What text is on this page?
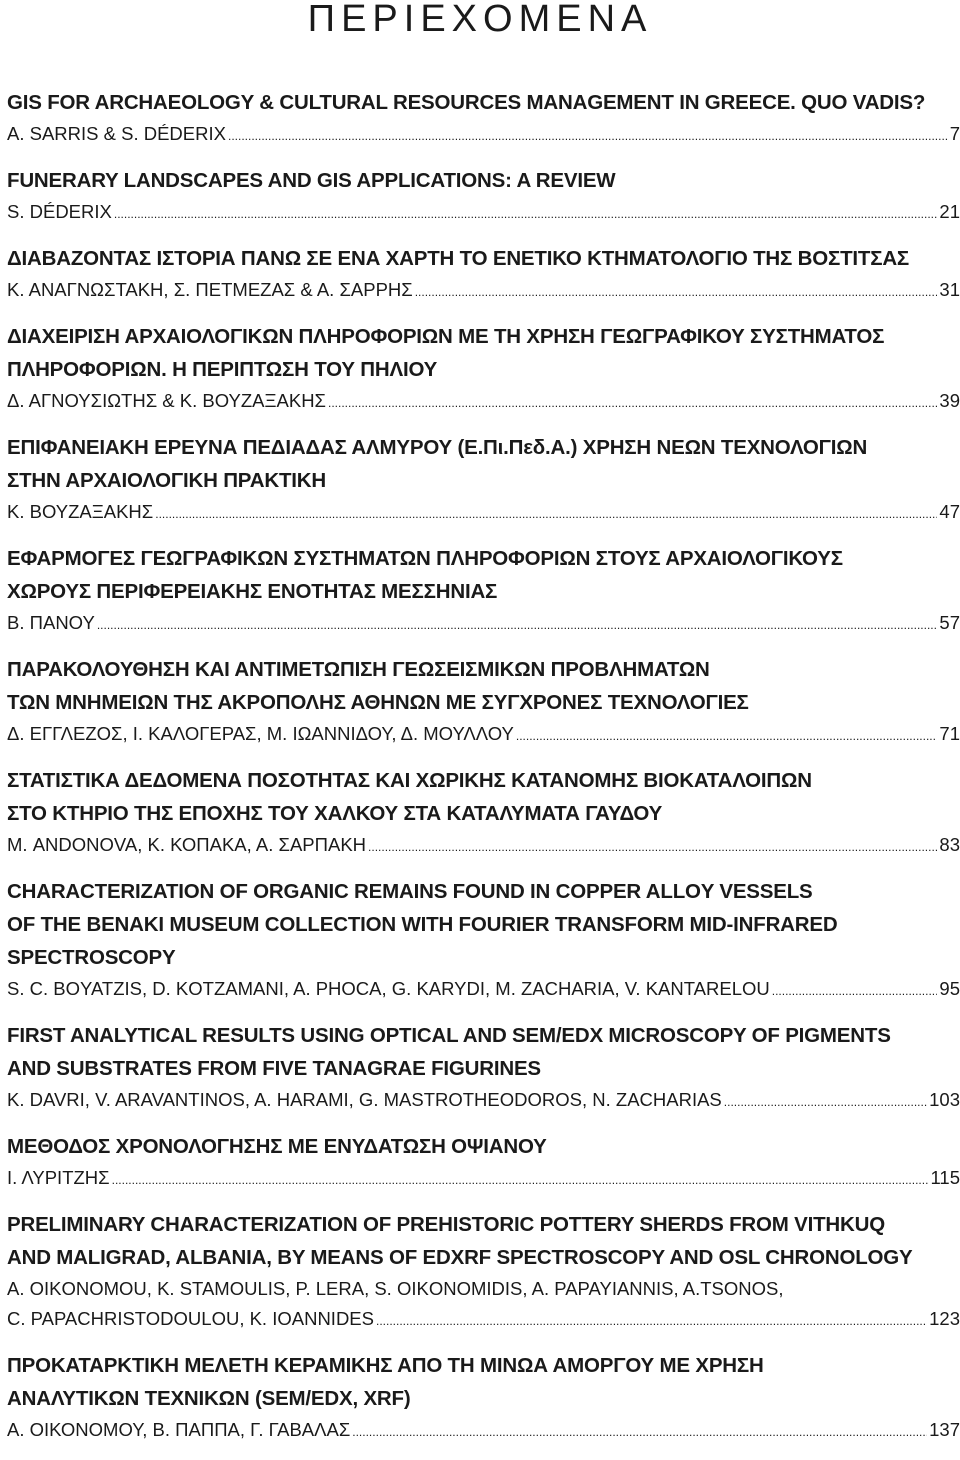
ΠΕΡΙΕΧΟΜΕΝΑ
GIS FOR ARCHAEOLOGY & CULTURAL RESOURCES MANAGEMENT IN GREECE. QUO VADIS?
A. SARRIS & S. DÉDERIX .....	7
FUNERARY LANDSCAPES AND GIS APPLICATIONS: A REVIEW
S. DÉDERIX .....	21
ΔΙΑΒΑΖΟΝΤΑΣ ΙΣΤΟΡΙΑ ΠΑΝΩ ΣΕ ΕΝΑ ΧΑΡΤΗ ΤΟ ΕΝΕΤΙΚΟ ΚΤΗΜΑΤΟΛΟΓΙΟ ΤΗΣ ΒΟΣΤΙΤΣΑΣ
Κ. ΑΝΑΓΝΩΣΤΑΚΗ, Σ. ΠΕΤΜΕΖΑΣ & Α. ΣΑΡΡΗΣ .....	31
ΔΙΑΧΕΙΡΙΣΗ ΑΡΧΑΙΟΛΟΓΙΚΩΝ ΠΛΗΡΟΦΟΡΙΩΝ ΜΕ ΤΗ ΧΡΗΣΗ ΓΕΩΓΡΑΦΙΚΟΥ ΣΥΣΤΗΜΑΤΟΣ
ΠΛΗΡΟΦΟΡΙΩΝ. Η ΠΕΡΙΠΤΩΣΗ ΤΟΥ ΠΗΛΙΟΥ
Δ. ΑΓΝΟΥΣΙΩΤΗΣ & Κ. ΒΟΥΖΑΞΑΚΗΣ .....	39
ΕΠΙΦΑΝΕΙΑΚΗ ΕΡΕΥΝΑ ΠΕΔΙΑΔΑΣ ΑΛΜΥΡΟΥ (Ε.Πι.Πεδ.Α.) ΧΡΗΣΗ ΝΕΩΝ ΤΕΧΝΟΛΟΓΙΩΝ
ΣΤΗΝ ΑΡΧΑΙΟΛΟΓΙΚΗ ΠΡΑΚΤΙΚΗ
Κ. ΒΟΥΖΑΞΑΚΗΣ .....	47
ΕΦΑΡΜΟΓΕΣ ΓΕΩΓΡΑΦΙΚΩΝ ΣΥΣΤΗΜΑΤΩΝ ΠΛΗΡΟΦΟΡΙΩΝ ΣΤΟΥΣ ΑΡΧΑΙΟΛΟΓΙΚΟΥΣ
ΧΩΡΟΥΣ ΠΕΡΙΦΕΡΕΙΑΚΗΣ ΕΝΟΤΗΤΑΣ ΜΕΣΣΗΝΙΑΣ
Β. ΠΑΝΟΥ .....	57
ΠΑΡΑΚΟΛΟΥΘΗΣΗ ΚΑΙ ΑΝΤΙΜΕΤΩΠΙΣΗ ΓΕΩΣΕΙΣΜΙΚΩΝ ΠΡΟΒΛΗΜΑΤΩΝ
ΤΩΝ ΜΝΗΜΕΙΩΝ ΤΗΣ ΑΚΡΟΠΟΛΗΣ ΑΘΗΝΩΝ ΜΕ ΣΥΓΧΡΟΝΕΣ ΤΕΧΝΟΛΟΓΙΕΣ
Δ. ΕΓΓΛΕΖΟΣ, Ι. ΚΑΛΟΓΕΡΑΣ, Μ. ΙΩΑΝΝΙΔΟΥ, Δ. ΜΟΥΛΛΟΥ .....	71
ΣΤΑΤΙΣΤΙΚΑ ΔΕΔΟΜΕΝΑ ΠΟΣΟΤΗΤΑΣ ΚΑΙ ΧΩΡΙΚΗΣ ΚΑΤΑΝΟΜΗΣ ΒΙΟΚΑΤΑΛΟΙΠΩΝ
ΣΤΟ ΚΤΗΡΙΟ ΤΗΣ ΕΠΟΧΗΣ ΤΟΥ ΧΑΛΚΟΥ ΣΤΑ ΚΑΤΑΛΥΜΑΤΑ ΓΑΥΔΟΥ
Μ. ANDONOVA, Κ. ΚΟΠΑΚΑ, Α. ΣΑΡΠΑΚΗ .....	83
CHARACTERIZATION OF ORGANIC REMAINS FOUND IN COPPER ALLOY VESSELS
OF THE BENAKI MUSEUM COLLECTION WITH FOURIER TRANSFORM MID-INFRARED
SPECTROSCOPY
S. C. BOYATZIS, D. KOTZAMANI, A. PHOCA, G. KARYDI, M. ZACHARIA, V. KANTARELOU .....	95
FIRST ANALYTICAL RESULTS USING OPTICAL AND SEM/EDX MICROSCOPY OF PIGMENTS
AND SUBSTRATES FROM FIVE TANAGRAE FIGURINES
K. DAVRI, V. ARAVANTINOS, A. HARAMI, G. MASTROTHEODOROS, N. ZACHARIAS .....	103
ΜΕΘΟΔΟΣ ΧΡΟΝΟΛΟΓΗΣΗΣ ΜΕ ΕΝΥΔΑΤΩΣΗ ΟΨΙΑΝΟΥ
Ι. ΛΥΡΙΤΖΗΣ .....	115
PRELIMINARY CHARACTERIZATION OF PREHISTORIC POTTERY SHERDS FROM VITHKUQ
AND MALIGRAD, ALBANIA, BY MEANS OF EDXRF SPECTROSCOPY AND OSL CHRONOLOGY
A. OIKONOMOU, K. STAMOULIS, P. LERA, S. OIKONOMIDIS, A. PAPAYIANNIS, A.TSONOS,
C. PAPACHRISTODOULOU, K. IOANNIDES .....	123
ΠΡΟΚΑΤΑΡΚΤΙΚΗ ΜΕΛΕΤΗ ΚΕΡΑΜΙΚΗΣ ΑΠΟ ΤΗ ΜΙΝΩΑ ΑΜΟΡΓΟΥ ΜΕ ΧΡΗΣΗ
ΑΝΑΛΥΤΙΚΩΝ ΤΕΧΝΙΚΩΝ (SEM/EDX, XRF)
Α. ΟΙΚΟΝΟΜΟΥ, Β. ΠΑΠΠΑ, Γ. ΓΑΒΑΛΑΣ .....	137
